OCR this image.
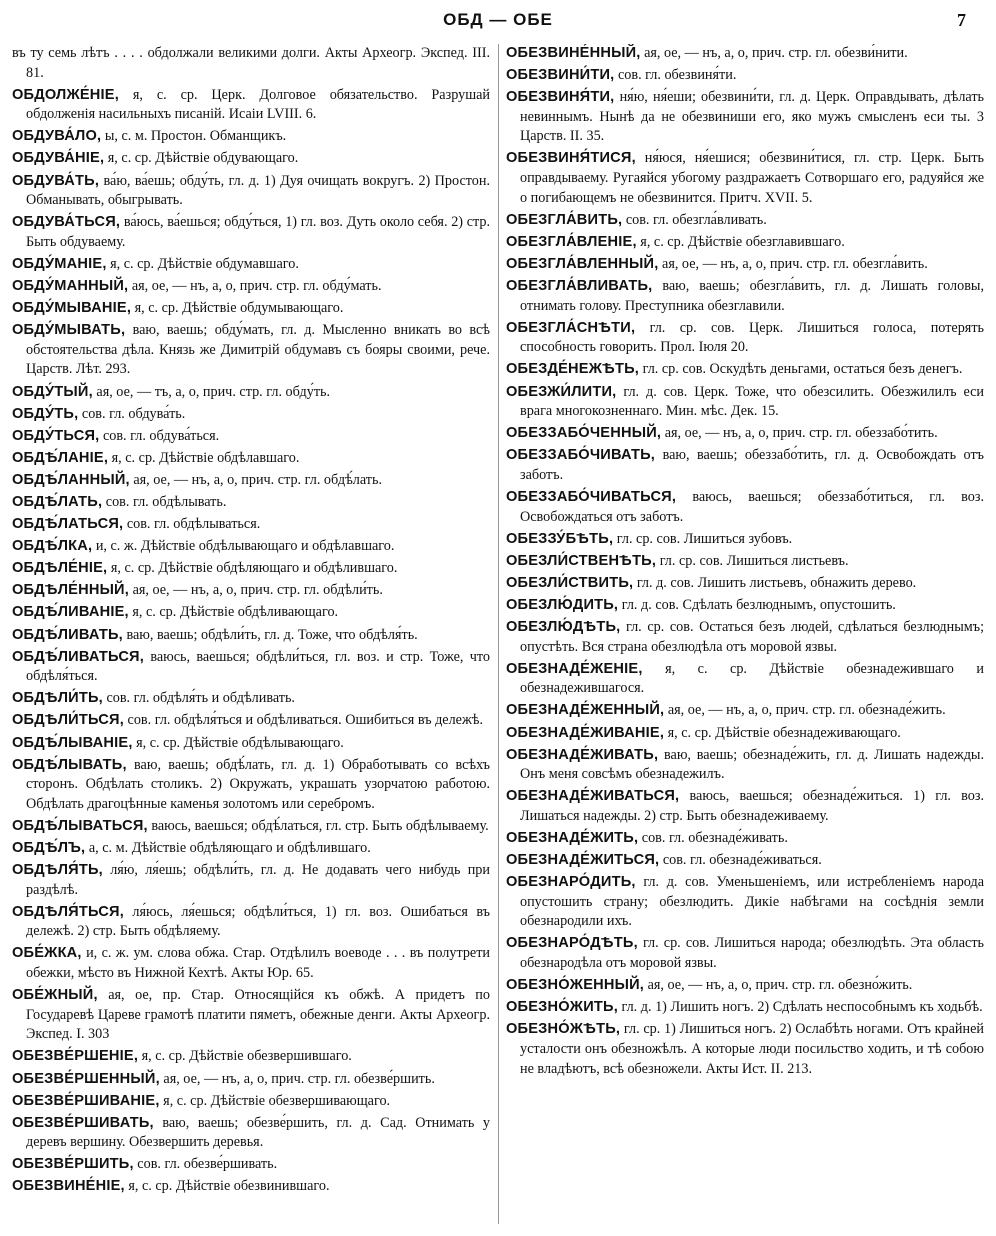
ОБД — ОБЕ	7
въ ту семь лѣтъ . . . . обдолжали великими долги. Акты Археогр. Экспед. III. 81.
ОБДОЛЖЕ́НІЕ, я, с. ср. Церк. Долговое обязательство. Разрушай обдолженія насильныхъ писаній. Исаіи LVIII. 6.
ОБДУВА́ЛО, ы, с. м. Простон. Обманщикъ.
ОБДУВА́НІЕ, я, с. ср. Дѣйствіе обдувающаго.
ОБДУВА́ТЬ, ва́ю, ва́ешь; обду́ть, гл. д. 1) Дуя очищать вокругъ. 2) Простон. Обманывать, обыгрывать.
ОБДУВА́ТЬСЯ, ва́юсь, ва́ешься; обду́ться, 1) гл. воз. Дуть около себя. 2) стр. Быть обдуваему.
ОБДУ́МАНІЕ, я, с. ср. Дѣйствіе обдумавшаго.
ОБДУ́МАННЫЙ, ая, ое, — нъ, а, о, прич. стр. гл. обду́мать.
ОБДУ́МЫВАНІЕ, я, с. ср. Дѣйствіе обдумывающаго.
ОБДУ́МЫВАТЬ, ваю, ваешь; обду́мать, гл. д. Мысленно вникать во всѣ обстоятельства дѣла. Князь же Димитрій обдумавъ съ бояры своими, рече. Царств. Лѣт. 293.
ОБДУ́ТЫЙ, ая, ое, — тъ, а, о, прич. стр. гл. обду́ть.
ОБДУ́ТЬ, сов. гл. обдува́ть.
ОБДУ́ТЬСЯ, сов. гл. обдува́ться.
ОБДѢ́ЛАНІЕ, я, с. ср. Дѣйствіе обдѣлавшаго.
ОБДѢ́ЛАННЫЙ, ая, ое, — нъ, а, о, прич. стр. гл. обдѣ́лать.
ОБДѢ́ЛАТЬ, сов. гл. обдѣлывать.
ОБДѢ́ЛАТЬСЯ, сов. гл. обдѣлываться.
ОБДѢ́ЛКА, и, с. ж. Дѣйствіе обдѣлывающаго и обдѣлавшаго.
ОБДѢЛЕ́НІЕ, я, с. ср. Дѣйствіе обдѣляющаго и обдѣлившаго.
ОБДѢЛЕ́ННЫЙ, ая, ое, — нъ, а, о, прич. стр. гл. обдѣли́ть.
ОБДѢ́ЛИВАНІЕ, я, с. ср. Дѣйствіе обдѣливающаго.
ОБДѢ́ЛИВАТЬ, ваю, ваешь; обдѣли́ть, гл. д. Тоже, что обдѣля́ть.
ОБДѢ́ЛИВАТЬСЯ, ваюсь, ваешься; обдѣли́ться, гл. воз. и стр. Тоже, что обдѣля́ться.
ОБДѢЛИ́ТЬ, сов. гл. обдѣля́ть и обдѣливать.
ОБДѢЛИ́ТЬСЯ, сов. гл. обдѣля́ться и обдѣливаться. Ошибиться въ дележѣ.
ОБДѢ́ЛЫВАНІЕ, я, с. ср. Дѣйствіе обдѣлывающаго.
ОБДѢ́ЛЫВАТЬ, ваю, ваешь; обдѣ́лать, гл. д. 1) Обработывать со всѣхъ сторонъ. Обдѣлать столикъ. 2) Окружать, украшать узорчатою работою. Обдѣлать драгоцѣнные каменья золотомъ или серебромъ.
ОБДѢ́ЛЫВАТЬСЯ, ваюсь, ваешься; обдѣ́латься, гл. стр. Быть обдѣлываему.
ОБДѢ́ЛЪ, а, с. м. Дѣйствіе обдѣляющаго и обдѣлившаго.
ОБДѢЛЯ́ТЬ, ля́ю, ля́ешь; обдѣли́ть, гл. д. Не додавать чего нибудь при раздѣлѣ.
ОБДѢЛЯ́ТЬСЯ, ля́юсь, ля́ешься; обдѣли́ться, 1) гл. воз. Ошибаться въ дележѣ. 2) стр. Быть обдѣляему.
ОБЕ́ЖКА, и, с. ж. ум. слова обжа. Стар. Отдѣлилъ воеводе . . . въ полутрети обежки, мѣсто въ Нижной Кехтѣ. Акты Юр. 65.
ОБЕ́ЖНЫЙ, ая, ое, пр. Стар. Относящійся къ обжѣ. А придетъ по Государевѣ Цареве грамотѣ платити пяметъ, обежные денги. Акты Археогр. Экспед. I. 303
ОБЕЗВЕ́РШЕНІЕ, я, с. ср. Дѣйствіе обезвершившаго.
ОБЕЗВЕ́РШЕННЫЙ, ая, ое, — нъ, а, о, прич. стр. гл. обезве́ршить.
ОБЕЗВЕ́РШИВАНІЕ, я, с. ср. Дѣйствіе обезвершивающаго.
ОБЕЗВЕ́РШИВАТЬ, ваю, ваешь; обезве́ршить, гл. д. Сад. Отнимать у деревъ вершину. Обезвершить деревья.
ОБЕЗВЕ́РШИТЬ, сов. гл. обезве́ршивать.
ОБЕЗВИНЕ́НІЕ, я, с. ср. Дѣйствіе обезвинившаго.
ОБЕЗВИНЕ́ННЫЙ, ая, ое, — нъ, а, о, прич. стр. гл. обезви́нити.
ОБЕЗВИНИ́ТИ, сов. гл. обезвиня́ти.
ОБЕЗВИНЯ́ТИ, ня́ю, ня́еши; обезвини́ти, гл. д. Церк. Оправдывать, дѣлать невиннымъ. Нынѣ да не обезвиниши его, яко мужъ смысленъ еси ты. 3 Царств. II. 35.
ОБЕЗВИНЯ́ТИСЯ, ня́юся, ня́ешися; обезвини́тися, гл. стр. Церк. Быть оправдываему. Ругаяйся убогому раздражаетъ Сотворшаго его, радуяйся же о погибающемъ не обезвинится. Притч. XVII. 5.
ОБЕЗГЛА́ВИТЬ, сов. гл. обезгла́вливать.
ОБЕЗГЛА́ВЛЕНІЕ, я, с. ср. Дѣйствіе обезглавившаго.
ОБЕЗГЛА́ВЛЕННЫЙ, ая, ое, — нъ, а, о, прич. стр. гл. обезгла́вить.
ОБЕЗГЛА́ВЛИВАТЬ, ваю, ваешь; обезгла́вить, гл. д. Лишать головы, отнимать голову. Преступника обезглавили.
ОБЕЗГЛА́СНѢТИ, гл. ср. сов. Церк. Лишиться голоса, потерять способность говорить. Прол. Іюля 20.
ОБЕЗДЕ́НЕЖѢТЬ, гл. ср. сов. Оскудѣть деньгами, остаться безъ денегъ.
ОБЕЗЖИ́ЛИТИ, гл. д. сов. Церк. Тоже, что обезсилить. Обезжилилъ еси врага многокозненнаго. Мин. мѣс. Дек. 15.
ОБЕЗЗАБО́ЧЕННЫЙ, ая, ое, — нъ, а, о, прич. стр. гл. обеззабо́тить.
ОБЕЗЗАБО́ЧИВАТЬ, ваю, ваешь; обеззабо́тить, гл. д. Освобождать отъ заботъ.
ОБЕЗЗАБО́ЧИВАТЬСЯ, ваюсь, ваешься; обеззабо́титься, гл. воз. Освобождаться отъ заботъ.
ОБЕЗЗУ́БѢТЬ, гл. ср. сов. Лишиться зубовъ.
ОБЕЗЛИ́СТВЕНѢТЬ, гл. ср. сов. Лишиться листьевъ.
ОБЕЗЛИ́СТВИТЬ, гл. д. сов. Лишить листьевъ, обнажить дерево.
ОБЕЗЛЮ́ДИТЬ, гл. д. сов. Сдѣлать безлюднымъ, опустошить.
ОБЕЗЛЮ́ДѢТЬ, гл. ср. сов. Остаться безъ людей, сдѣлаться безлюднымъ; опустѣть. Вся страна обезлюдѣла отъ моровой язвы.
ОБЕЗНАДЕ́ЖЕНІЕ, я, с. ср. Дѣйствіе обезнадежившаго и обезнадежившагося.
ОБЕЗНАДЕ́ЖЕННЫЙ, ая, ое, — нъ, а, о, прич. стр. гл. обезнаде́жить.
ОБЕЗНАДЕ́ЖИВАНІЕ, я, с. ср. Дѣйствіе обезнадеживающаго.
ОБЕЗНАДЕ́ЖИВАТЬ, ваю, ваешь; обезнаде́жить, гл. д. Лишать надежды. Онъ меня совсѣмъ обезнадежилъ.
ОБЕЗНАДЕ́ЖИВАТЬСЯ, ваюсь, ваешься; обезнаде́житься. 1) гл. воз. Лишаться надежды. 2) стр. Быть обезнадеживаему.
ОБЕЗНАДЕ́ЖИТЬ, сов. гл. обезнаде́живать.
ОБЕЗНАДЕ́ЖИТЬСЯ, сов. гл. обезнаде́живаться.
ОБЕЗНАРО́ДИТЬ, гл. д. сов. Уменьшеніемъ, или истребленіемъ народа опустошить страну; обезлюдить. Дикіе набѣгами на сосѣднія земли обезнародили ихъ.
ОБЕЗНАРО́ДѢТЬ, гл. ср. сов. Лишиться народа; обезлюдѣть. Эта область обезнародѣла отъ моровой язвы.
ОБЕЗНО́ЖЕННЫЙ, ая, ое, — нъ, а, о, прич. стр. гл. обезно́жить.
ОБЕЗНО́ЖИТЬ, гл. д. 1) Лишить ногъ. 2) Сдѣлать неспособнымъ къ ходьбѣ.
ОБЕЗНО́ЖѢТЬ, гл. ср. 1) Лишиться ногъ. 2) Ослабѣть ногами. Отъ крайней усталости онъ обезножѣлъ. А которые люди посильство ходить, и тѣ собою не владѣютъ, всѣ обезножели. Акты Ист. II. 213.
